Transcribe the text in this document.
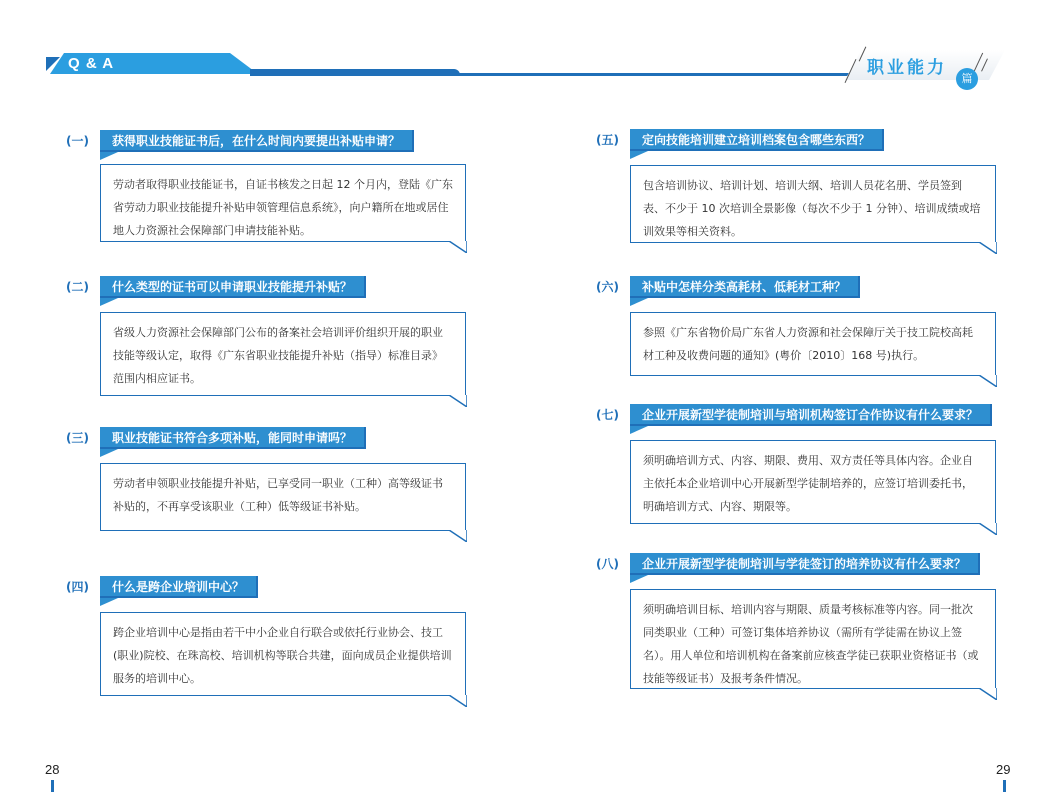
Q & A	职业能力
篇
(一)	获得职业技能证书后，在什么时间内要提出补贴申请？
劳动者取得职业技能证书，自证书核发之日起 12 个月内，登陆《广东省劳动力职业技能提升补贴申领管理信息系统》，向户籍所在地或居住地人力资源社会保障部门申请技能补贴。
(二)	什么类型的证书可以申请职业技能提升补贴？
省级人力资源社会保障部门公布的备案社会培训评价组织开展的职业技能等级认定，取得《广东省职业技能提升补贴（指导）标准目录》范围内相应证书。
(三)	职业技能证书符合多项补贴，能同时申请吗？
劳动者申领职业技能提升补贴，已享受同一职业（工种）高等级证书补贴的，不再享受该职业（工种）低等级证书补贴。
(四)	什么是跨企业培训中心？
跨企业培训中心是指由若干中小企业自行联合或依托行业协会、技工(职业)院校、在珠高校、培训机构等联合共建，面向成员企业提供培训服务的培训中心。
(五)	定向技能培训建立培训档案包含哪些东西？
包含培训协议、培训计划、培训大纲、培训人员花名册、学员签到表、不少于 10 次培训全景影像（每次不少于 1 分钟）、培训成绩或培训效果等相关资料。
(六)	补贴中怎样分类高耗材、低耗材工种？
参照《广东省物价局广东省人力资源和社会保障厅关于技工院校高耗材工种及收费问题的通知》(粤价〔2010〕168 号)执行。
(七)	企业开展新型学徒制培训与培训机构签订合作协议有什么要求？
须明确培训方式、内容、期限、费用、双方责任等具体内容。企业自主依托本企业培训中心开展新型学徒制培养的，应签订培训委托书，明确培训方式、内容、期限等。
(八)	企业开展新型学徒制培训与学徒签订的培养协议有什么要求？
须明确培训目标、培训内容与期限、质量考核标准等内容。同一批次同类职业（工种）可签订集体培养协议（需所有学徒需在协议上签名）。用人单位和培训机构在备案前应核查学徒已获职业资格证书（或技能等级证书）及报考条件情况。
28	29
